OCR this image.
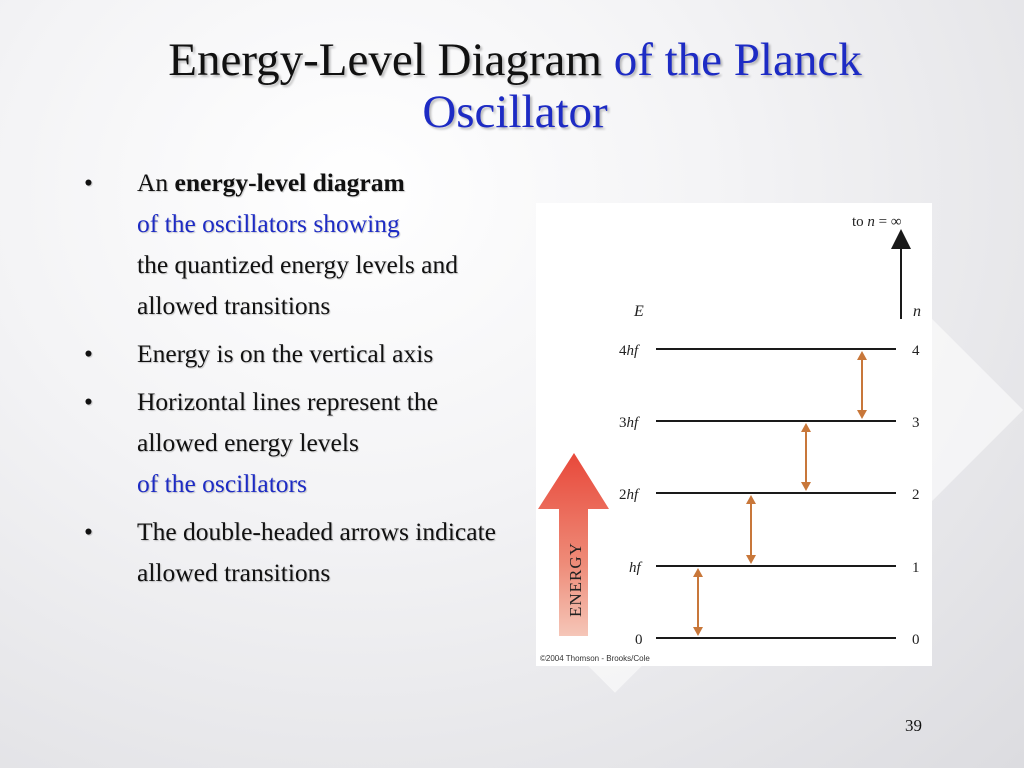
Energy-Level Diagram of the Planck
Oscillator
• An energy-level diagram
of the oscillators showing
the quantized energy levels and allowed transitions
• Energy is on the vertical axis
• Horizontal lines represent the allowed energy levels
of the oscillators
• The double-headed arrows indicate allowed transitions	ENERGY
to n = ∞
E	n
4hf
3hf
2hf
hf
0
4
3
2
1
0
©2004 Thomson - Brooks/Cole
39
